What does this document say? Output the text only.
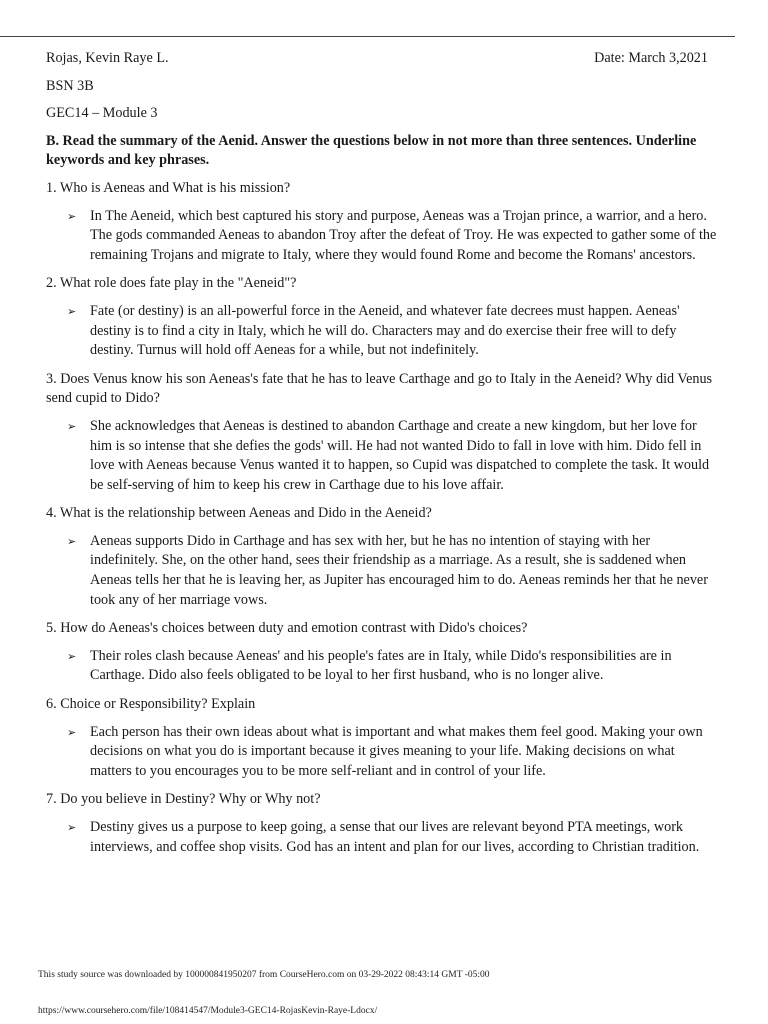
Rojas, Kevin Raye L.	Date: March 3,2021
BSN 3B
GEC14 – Module 3
B. Read the summary of the Aenid. Answer the questions below in not more than three sentences. Underline keywords and key phrases.
1. Who is Aeneas and What is his mission?
➢ In The Aeneid, which best captured his story and purpose, Aeneas was a Trojan prince, a warrior, and a hero. The gods commanded Aeneas to abandon Troy after the defeat of Troy. He was expected to gather some of the remaining Trojans and migrate to Italy, where they would found Rome and become the Romans' ancestors.
2. What role does fate play in the "Aeneid"?
➢ Fate (or destiny) is an all-powerful force in the Aeneid, and whatever fate decrees must happen. Aeneas' destiny is to find a city in Italy, which he will do. Characters may and do exercise their free will to defy destiny. Turnus will hold off Aeneas for a while, but not indefinitely.
3. Does Venus know his son Aeneas's fate that he has to leave Carthage and go to Italy in the Aeneid? Why did Venus send cupid to Dido?
➢ She acknowledges that Aeneas is destined to abandon Carthage and create a new kingdom, but her love for him is so intense that she defies the gods' will. He had not wanted Dido to fall in love with him. Dido fell in love with Aeneas because Venus wanted it to happen, so Cupid was dispatched to complete the task. It would be self-serving of him to keep his crew in Carthage due to his love affair.
4. What is the relationship between Aeneas and Dido in the Aeneid?
➢ Aeneas supports Dido in Carthage and has sex with her, but he has no intention of staying with her indefinitely. She, on the other hand, sees their friendship as a marriage. As a result, she is saddened when Aeneas tells her that he is leaving her, as Jupiter has encouraged him to do. Aeneas reminds her that he never took any of her marriage vows.
5. How do Aeneas's choices between duty and emotion contrast with Dido's choices?
➢ Their roles clash because Aeneas' and his people's fates are in Italy, while Dido's responsibilities are in Carthage. Dido also feels obligated to be loyal to her first husband, who is no longer alive.
6. Choice or Responsibility? Explain
➢ Each person has their own ideas about what is important and what makes them feel good. Making your own decisions on what you do is important because it gives meaning to your life. Making decisions on what matters to you encourages you to be more self-reliant and in control of your life.
7. Do you believe in Destiny? Why or Why not?
➢ Destiny gives us a purpose to keep going, a sense that our lives are relevant beyond PTA meetings, work interviews, and coffee shop visits. God has an intent and plan for our lives, according to Christian tradition.
This study source was downloaded by 100000841950207 from CourseHero.com on 03-29-2022 08:43:14 GMT -05:00
https://www.coursehero.com/file/108414547/Module3-GEC14-RojasKevin-Raye-Ldocx/
